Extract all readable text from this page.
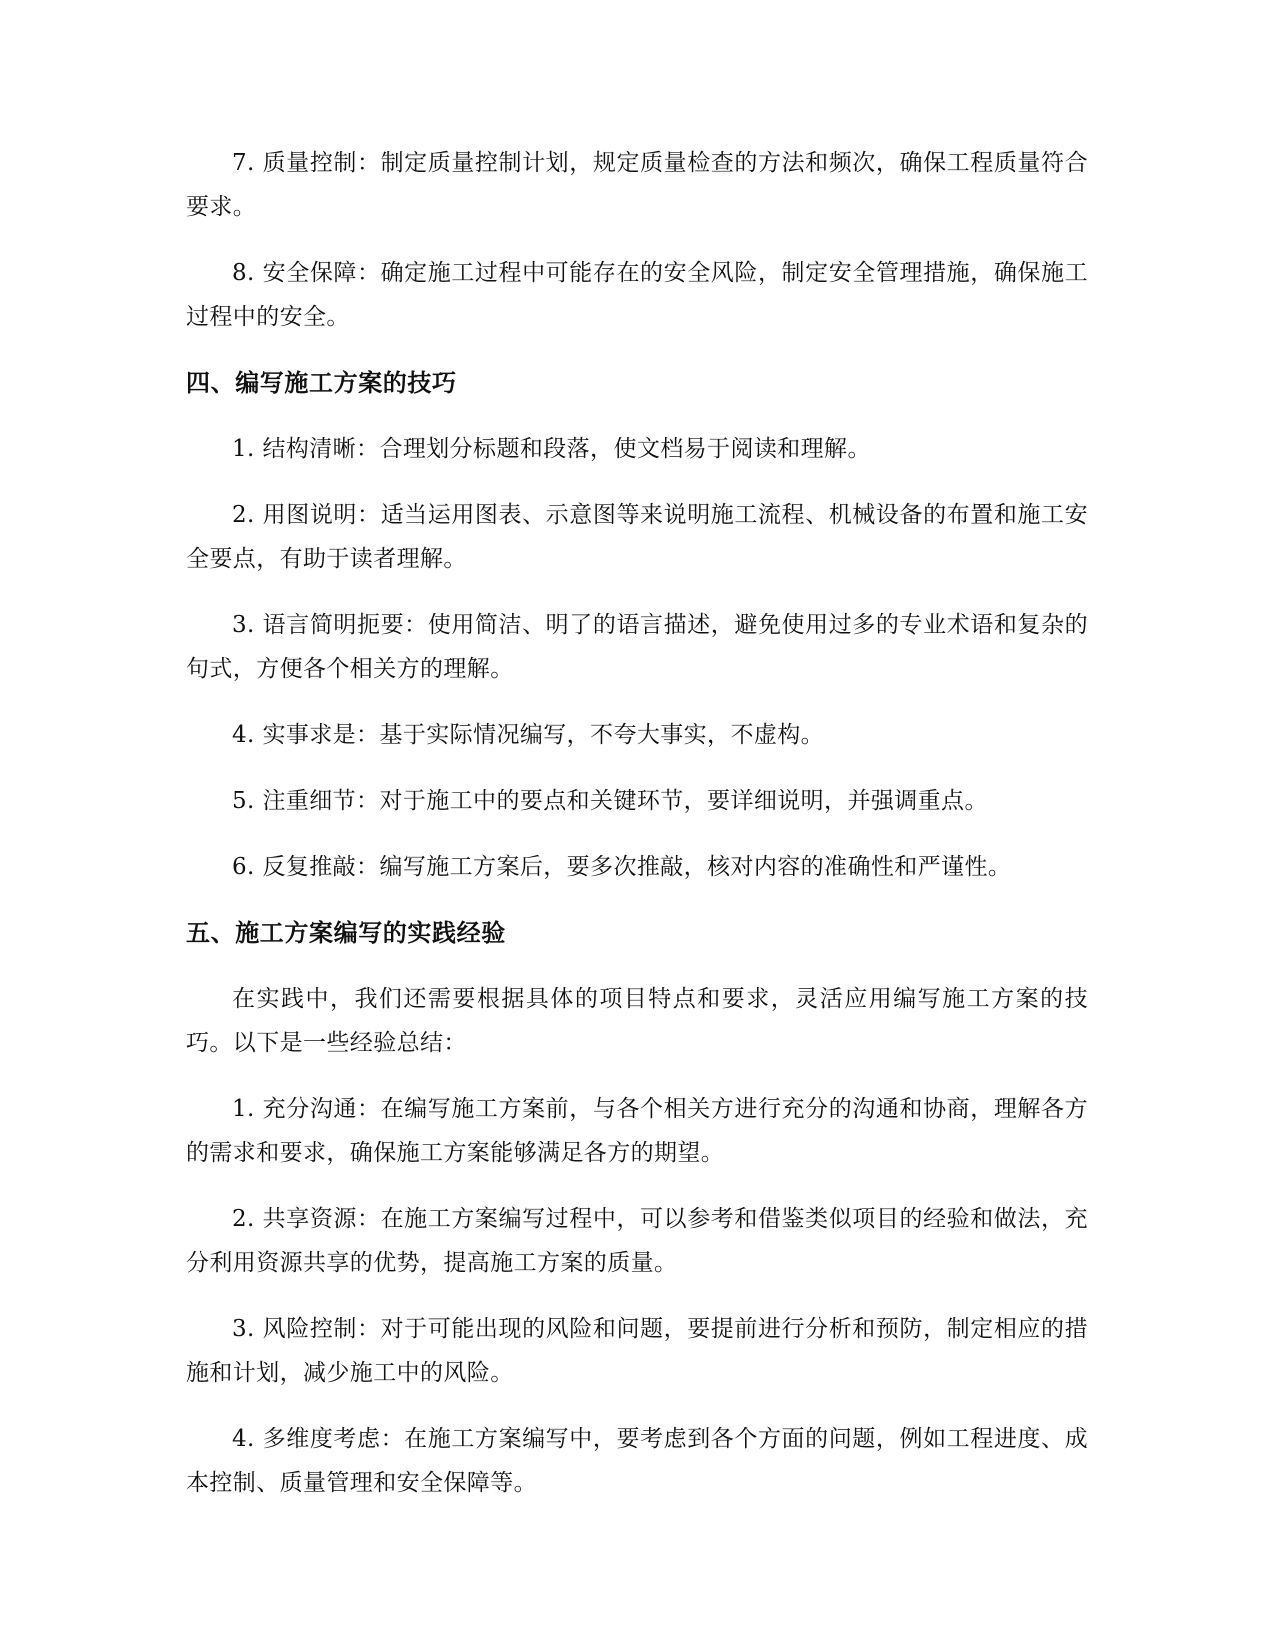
7. 质量控制：制定质量控制计划，规定质量检查的方法和频次，确保工程质量符合要求。

8. 安全保障：确定施工过程中可能存在的安全风险，制定安全管理措施，确保施工过程中的安全。

四、编写施工方案的技巧

1. 结构清晰：合理划分标题和段落，使文档易于阅读和理解。

2. 用图说明：适当运用图表、示意图等来说明施工流程、机械设备的布置和施工安全要点，有助于读者理解。

3. 语言简明扼要：使用简洁、明了的语言描述，避免使用过多的专业术语和复杂的句式，方便各个相关方的理解。

4. 实事求是：基于实际情况编写，不夸大事实，不虚构。

5. 注重细节：对于施工中的要点和关键环节，要详细说明，并强调重点。

6. 反复推敲：编写施工方案后，要多次推敲，核对内容的准确性和严谨性。

五、施工方案编写的实践经验

在实践中，我们还需要根据具体的项目特点和要求，灵活应用编写施工方案的技巧。以下是一些经验总结：

1. 充分沟通：在编写施工方案前，与各个相关方进行充分的沟通和协商，理解各方的需求和要求，确保施工方案能够满足各方的期望。

2. 共享资源：在施工方案编写过程中，可以参考和借鉴类似项目的经验和做法，充分利用资源共享的优势，提高施工方案的质量。

3. 风险控制：对于可能出现的风险和问题，要提前进行分析和预防，制定相应的措施和计划，减少施工中的风险。

4. 多维度考虑：在施工方案编写中，要考虑到各个方面的问题，例如工程进度、成本控制、质量管理和安全保障等。
